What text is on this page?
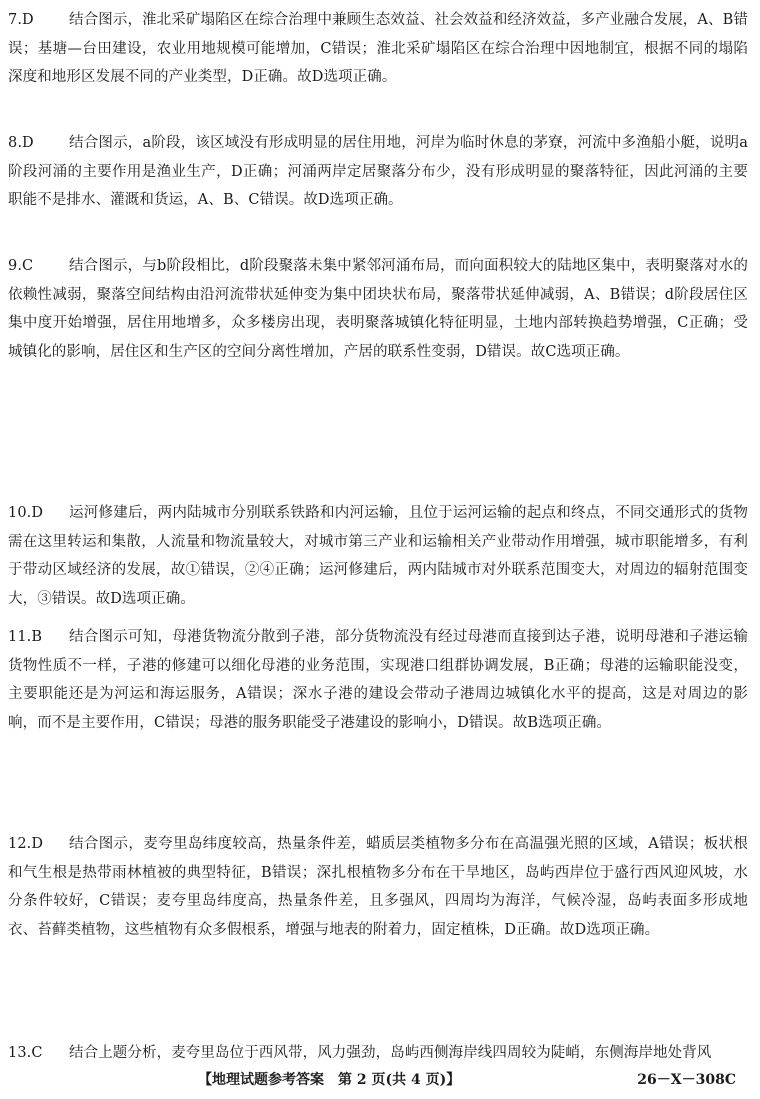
7.D	结合图示，淮北采矿塌陷区在综合治理中兼顾生态效益、社会效益和经济效益，多产业融合发展，A、B错误；基塘—台田建设，农业用地规模可能增加，C错误；淮北采矿塌陷区在综合治理中因地制宜，根据不同的塌陷深度和地形区发展不同的产业类型，D正确。故D选项正确。
8.D	结合图示，a阶段，该区域没有形成明显的居住用地，河岸为临时休息的茅寮，河流中多渔船小艇，说明a阶段河涌的主要作用是渔业生产，D正确；河涌两岸定居聚落分布少，没有形成明显的聚落特征，因此河涌的主要职能不是排水、灌溉和货运，A、B、C错误。故D选项正确。
9.C	结合图示，与b阶段相比，d阶段聚落未集中紧邻河涌布局，而向面积较大的陆地区集中，表明聚落对水的依赖性减弱，聚落空间结构由沿河流带状延伸变为集中团块状布局，聚落带状延伸减弱，A、B错误；d阶段居住区集中度开始增强，居住用地增多，众多楼房出现，表明聚落城镇化特征明显，土地内部转换趋势增强，C正确；受城镇化的影响，居住区和生产区的空间分离性增加，产居的联系性变弱，D错误。故C选项正确。
10.D	运河修建后，两内陆城市分别联系铁路和内河运输，且位于运河运输的起点和终点，不同交通形式的货物需在这里转运和集散，人流量和物流量较大，对城市第三产业和运输相关产业带动作用增强，城市职能增多，有利于带动区域经济的发展，故①错误，②④正确；运河修建后，两内陆城市对外联系范围变大，对周边的辐射范围变大，③错误。故D选项正确。
11.B	结合图示可知，母港货物流分散到子港，部分货物流没有经过母港而直接到达子港，说明母港和子港运输货物性质不一样，子港的修建可以细化母港的业务范围，实现港口组群协调发展，B正确；母港的运输职能没变，主要职能还是为河运和海运服务，A错误；深水子港的建设会带动子港周边城镇化水平的提高，这是对周边的影响，而不是主要作用，C错误；母港的服务职能受子港建设的影响小，D错误。故B选项正确。
12.D	结合图示，麦夸里岛纬度较高，热量条件差，蜡质层类植物多分布在高温强光照的区域，A错误；板状根和气生根是热带雨林植被的典型特征，B错误；深扎根植物多分布在干旱地区，岛屿西岸位于盛行西风迎风坡，水分条件较好，C错误；麦夸里岛纬度高，热量条件差，且多强风，四周均为海洋，气候冷湿，岛屿表面多形成地衣、苔藓类植物，这些植物有众多假根系，增强与地表的附着力，固定植株，D正确。故D选项正确。
13.C	结合上题分析，麦夸里岛位于西风带，风力强劲，岛屿西侧海岸线四周较为陡峭，东侧海岸地处背风
【地理试题参考答案　第 2 页(共 4 页)】	26－X－308C
